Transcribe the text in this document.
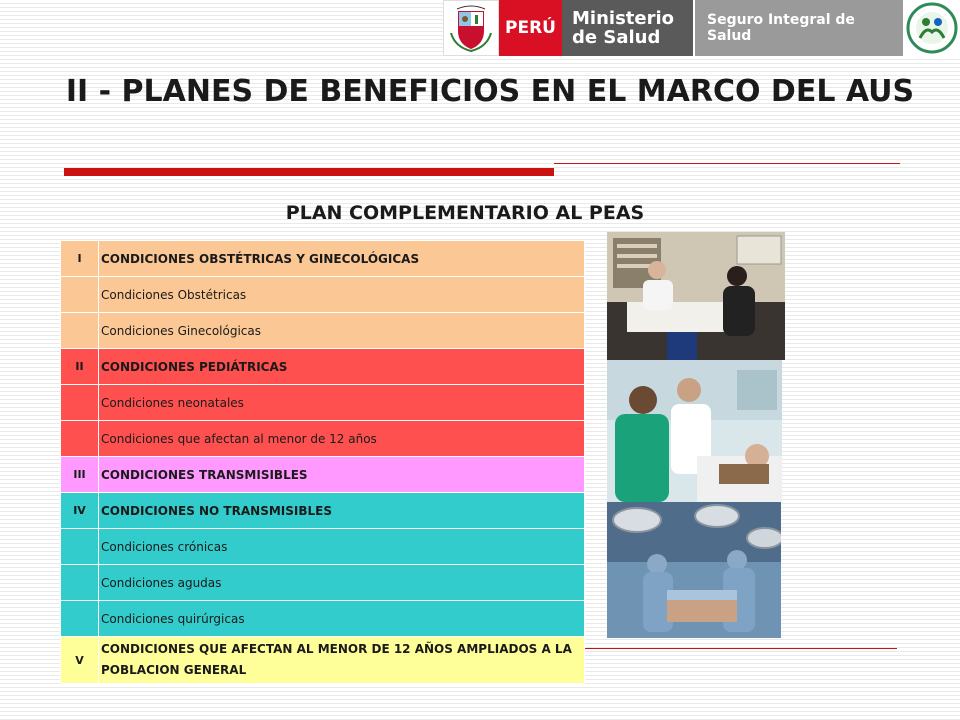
PERÚ Ministerio
de Salud
Seguro Integral de Salud
II - PLANES DE BENEFICIOS EN EL MARCO DEL AUS
PLAN COMPLEMENTARIO AL PEAS
I	CONDICIONES OBSTÉTRICAS Y GINECOLÓGICAS
	Condiciones Obstétricas
	Condiciones Ginecológicas
II	CONDICIONES PEDIÁTRICAS
	Condiciones neonatales
	Condiciones que afectan al menor de 12 años
III	CONDICIONES TRANSMISIBLES
IV	CONDICIONES NO TRANSMISIBLES
	Condiciones crónicas
	Condiciones agudas
	Condiciones quirúrgicas
V	CONDICIONES QUE AFECTAN AL MENOR DE 12 AÑOS AMPLIADOS A LA POBLACION GENERAL
